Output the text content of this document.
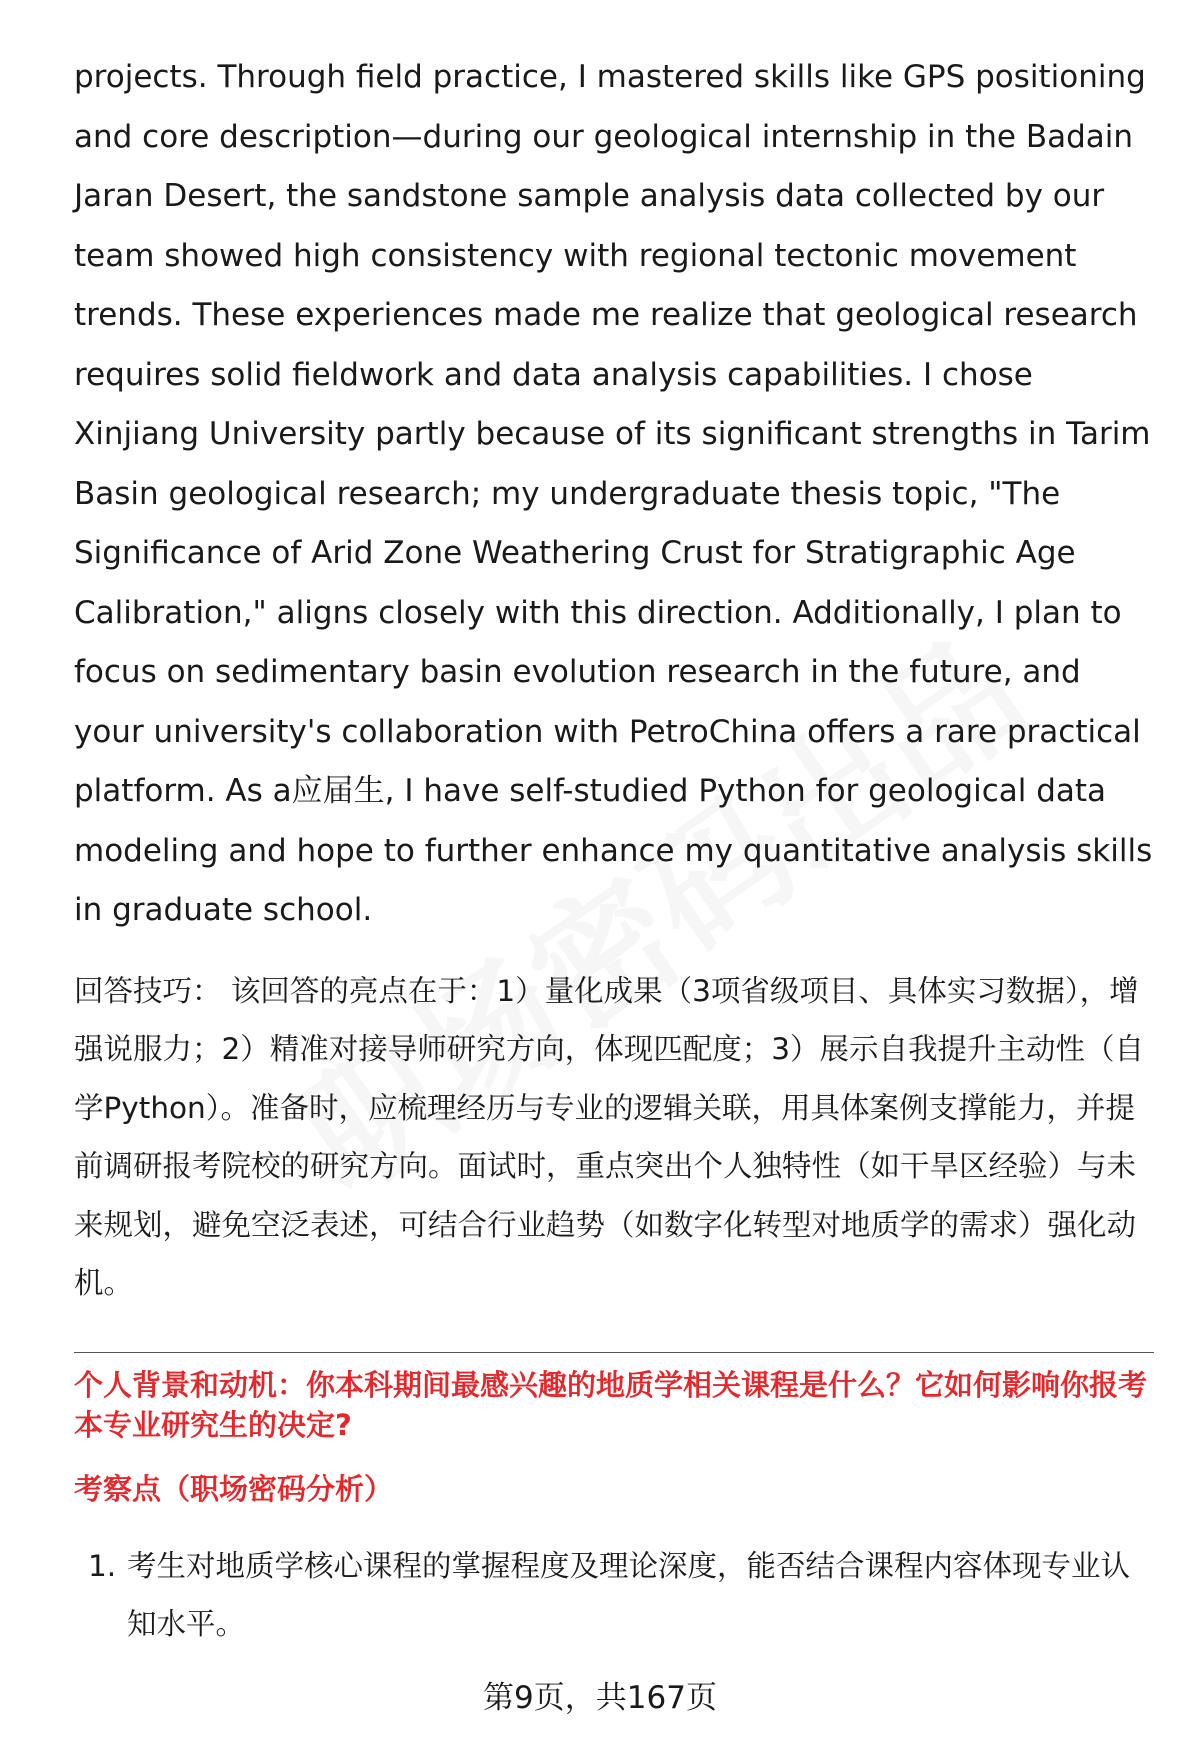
projects. Through field practice, I mastered skills like GPS positioning and core description—during our geological internship in the Badain Jaran Desert, the sandstone sample analysis data collected by our team showed high consistency with regional tectonic movement trends. These experiences made me realize that geological research requires solid fieldwork and data analysis capabilities. I chose Xinjiang University partly because of its significant strengths in Tarim Basin geological research; my undergraduate thesis topic, "The Significance of Arid Zone Weathering Crust for Stratigraphic Age Calibration," aligns closely with this direction. Additionally, I plan to focus on sedimentary basin evolution research in the future, and your university's collaboration with PetroChina offers a rare practical platform. As a应届生, I have self-studied Python for geological data modeling and hope to further enhance my quantitative analysis skills in graduate school.

回答技巧： 该回答的亮点在于：1）量化成果（3项省级项目、具体实习数据），增强说服力；2）精准对接导师研究方向，体现匹配度；3）展示自我提升主动性（自学Python）。准备时，应梳理经历与专业的逻辑关联，用具体案例支撑能力，并提前调研报考院校的研究方向。面试时，重点突出个人独特性（如干旱区经验）与未来规划，避免空泛表述，可结合行业趋势（如数字化转型对地质学的需求）强化动机。

个人背景和动机：你本科期间最感兴趣的地质学相关课程是什么？它如何影响你报考本专业研究生的决定?

考察点（职场密码分析）

1. 考生对地质学核心课程的掌握程度及理论深度，能否结合课程内容体现专业认知水平。
第9页，共167页
